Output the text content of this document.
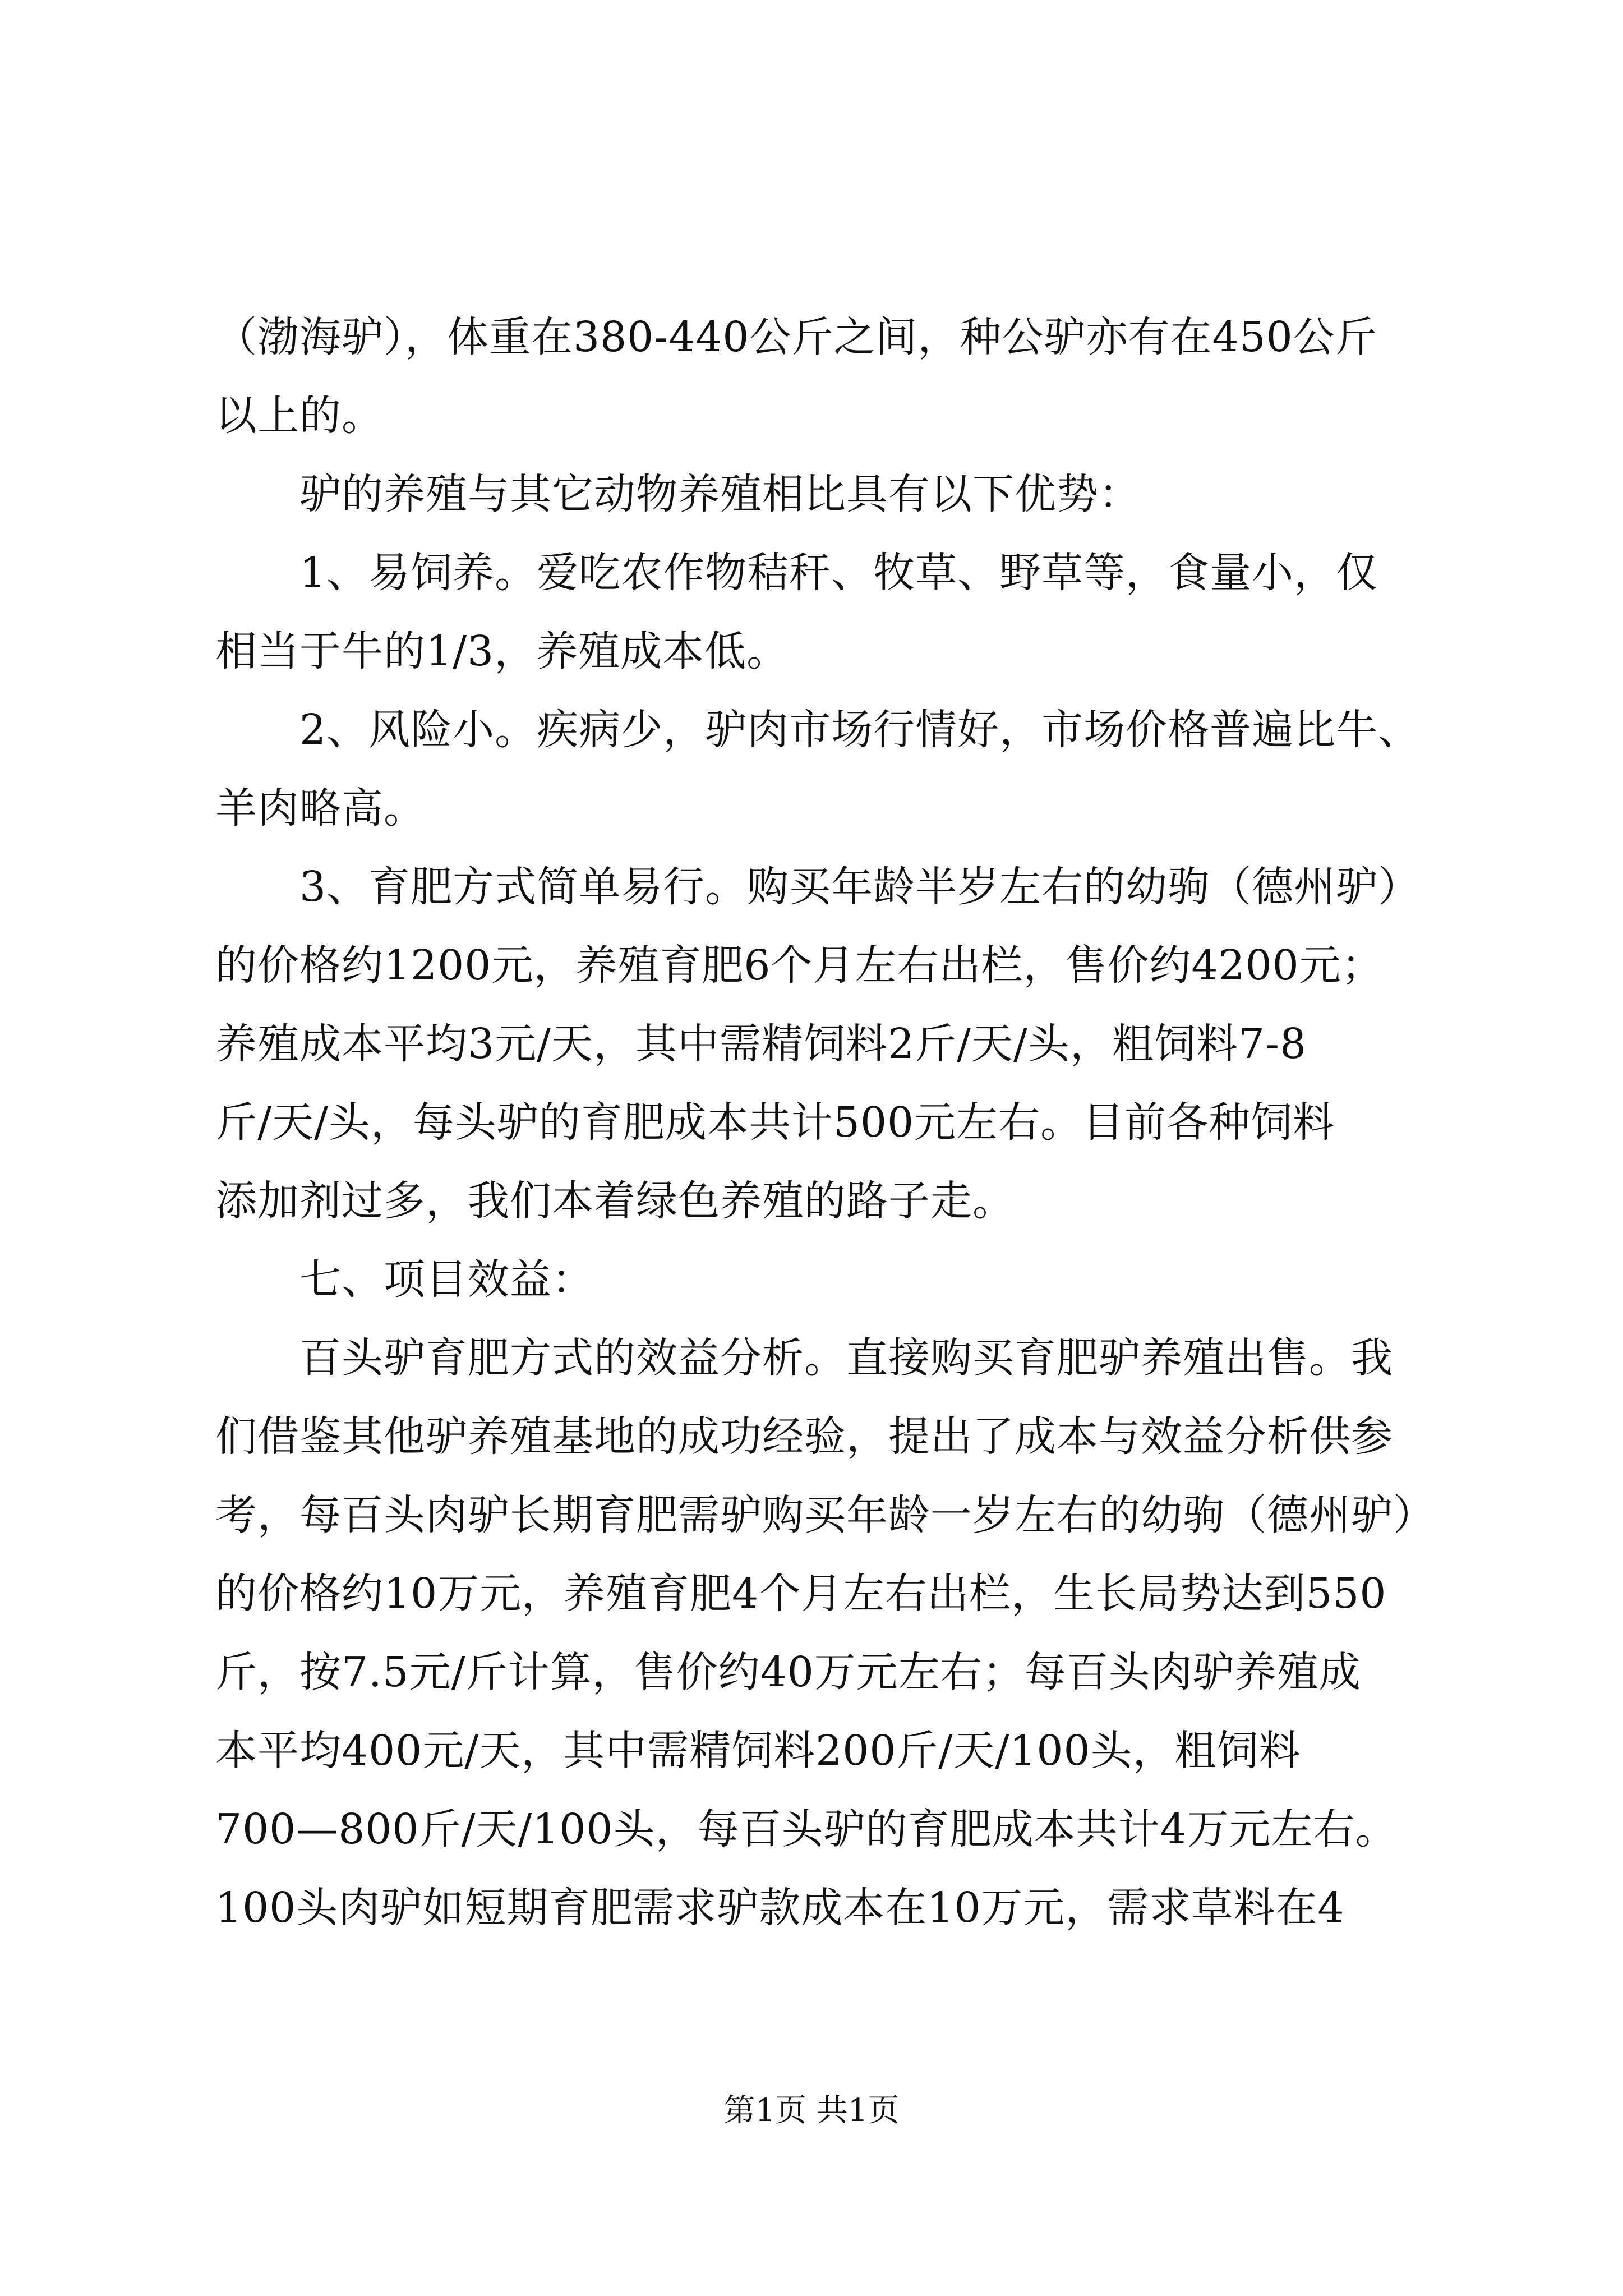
（渤海驴），体重在380-440公斤之间，种公驴亦有在450公斤
以上的。
驴的养殖与其它动物养殖相比具有以下优势：
1、易饲养。爱吃农作物秸秆、牧草、野草等，食量小，仅
相当于牛的1/3，养殖成本低。
2、风险小。疾病少，驴肉市场行情好，市场价格普遍比牛、
羊肉略高。
3、育肥方式简单易行。购买年龄半岁左右的幼驹（德州驴）
的价格约1200元，养殖育肥6个月左右出栏，售价约4200元；
养殖成本平均3元/天，其中需精饲料2斤/天/头，粗饲料7-8
斤/天/头，每头驴的育肥成本共计500元左右。目前各种饲料
添加剂过多，我们本着绿色养殖的路子走。
七、项目效益：
百头驴育肥方式的效益分析。直接购买育肥驴养殖出售。我
们借鉴其他驴养殖基地的成功经验，提出了成本与效益分析供参
考，每百头肉驴长期育肥需驴购买年龄一岁左右的幼驹（德州驴）
的价格约10万元，养殖育肥4个月左右出栏，生长局势达到550
斤，按7.5元/斤计算，售价约40万元左右；每百头肉驴养殖成
本平均400元/天，其中需精饲料200斤/天/100头，粗饲料
700—800斤/天/100头，每百头驴的育肥成本共计4万元左右。
100头肉驴如短期育肥需求驴款成本在10万元，需求草料在4
第1页 共1页
